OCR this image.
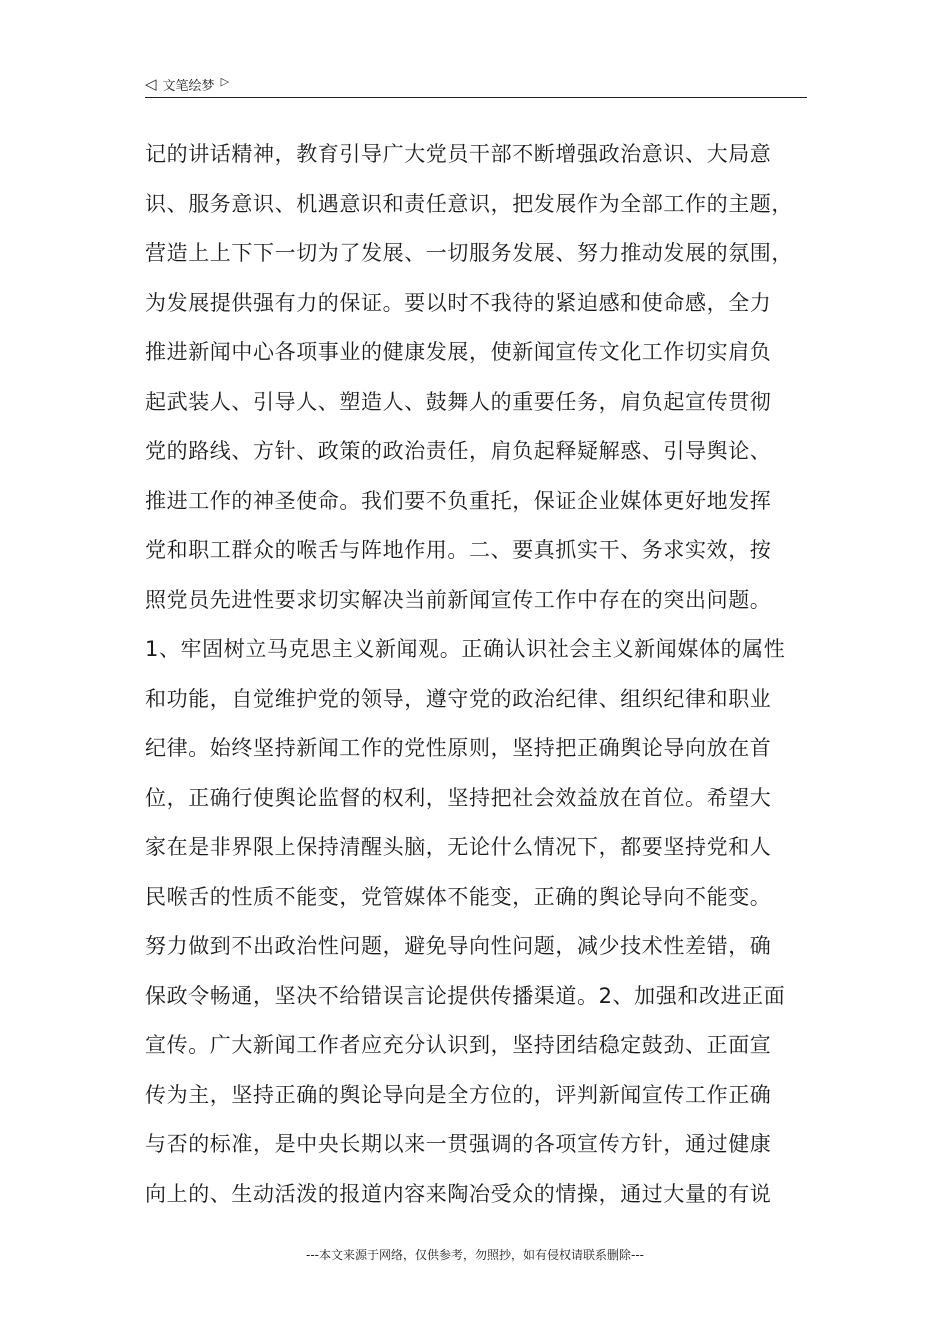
◁ 文笔绘梦 ▷
记的讲话精神，教育引导广大党员干部不断增强政治意识、大局意
识、服务意识、机遇意识和责任意识，把发展作为全部工作的主题，
营造上上下下一切为了发展、一切服务发展、努力推动发展的氛围，
为发展提供强有力的保证。要以时不我待的紧迫感和使命感，全力
推进新闻中心各项事业的健康发展，使新闻宣传文化工作切实肩负
起武装人、引导人、塑造人、鼓舞人的重要任务，肩负起宣传贯彻
党的路线、方针、政策的政治责任，肩负起释疑解惑、引导舆论、
推进工作的神圣使命。我们要不负重托，保证企业媒体更好地发挥
党和职工群众的喉舌与阵地作用。二、要真抓实干、务求实效，按
照党员先进性要求切实解决当前新闻宣传工作中存在的突出问题。
1、牢固树立马克思主义新闻观。正确认识社会主义新闻媒体的属性
和功能，自觉维护党的领导，遵守党的政治纪律、组织纪律和职业
纪律。始终坚持新闻工作的党性原则，坚持把正确舆论导向放在首
位，正确行使舆论监督的权利，坚持把社会效益放在首位。希望大
家在是非界限上保持清醒头脑，无论什么情况下，都要坚持党和人
民喉舌的性质不能变，党管媒体不能变，正确的舆论导向不能变。
努力做到不出政治性问题，避免导向性问题，减少技术性差错，确
保政令畅通，坚决不给错误言论提供传播渠道。2、加强和改进正面
宣传。广大新闻工作者应充分认识到，坚持团结稳定鼓劲、正面宣
传为主，坚持正确的舆论导向是全方位的，评判新闻宣传工作正确
与否的标准，是中央长期以来一贯强调的各项宣传方针，通过健康
向上的、生动活泼的报道内容来陶冶受众的情操，通过大量的有说
---本文来源于网络，仅供参考，勿照抄，如有侵权请联系删除---
